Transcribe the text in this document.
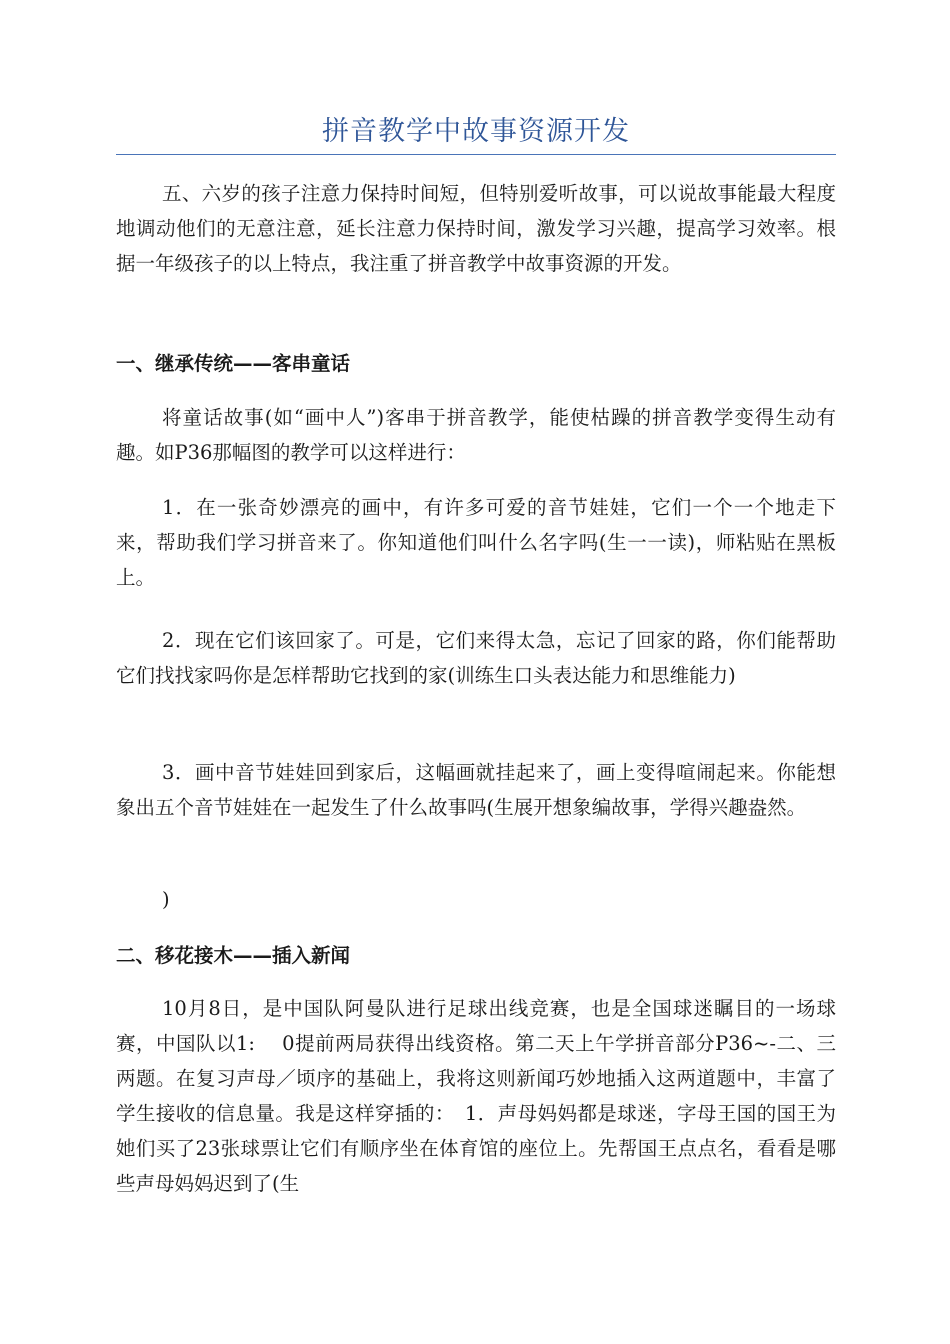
拼音教学中故事资源开发

五、六岁的孩子注意力保持时间短，但特别爱听故事，可以说故事能最大程度地调动他们的无意注意，延长注意力保持时间，激发学习兴趣，提高学习效率。根据一年级孩子的以上特点，我注重了拼音教学中故事资源的开发。

一、继承传统——客串童话

将童话故事(如“画中人”)客串于拼音教学，能使枯躁的拼音教学变得生动有趣。如P36那幅图的教学可以这样进行：

1．在一张奇妙漂亮的画中，有许多可爱的音节娃娃，它们一个一个地走下来，帮助我们学习拼音来了。你知道他们叫什么名字吗(生一一读)，师粘贴在黑板上。

2．现在它们该回家了。可是，它们来得太急，忘记了回家的路，你们能帮助它们找找家吗你是怎样帮助它找到的家(训练生口头表达能力和思维能力)

3．画中音节娃娃回到家后，这幅画就挂起来了，画上变得喧闹起来。你能想象出五个音节娃娃在一起发生了什么故事吗(生展开想象编故事，学得兴趣盎然。

)

二、移花接木——插入新闻

10月8日，是中国队阿曼队进行足球出线竞赛，也是全国球迷瞩目的一场球赛，中国队以1:　 0提前两局获得出线资格。第二天上午学拼音部分P36~-二、三两题。在复习声母／顷序的基础上，我将这则新闻巧妙地插入这两道题中，丰富了学生接收的信息量。我是这样穿插的：　1．声母妈妈都是球迷，字母王国的国王为她们买了23张球票让它们有顺序坐在体育馆的座位上。先帮国王点点名，看看是哪些声母妈妈迟到了(生
